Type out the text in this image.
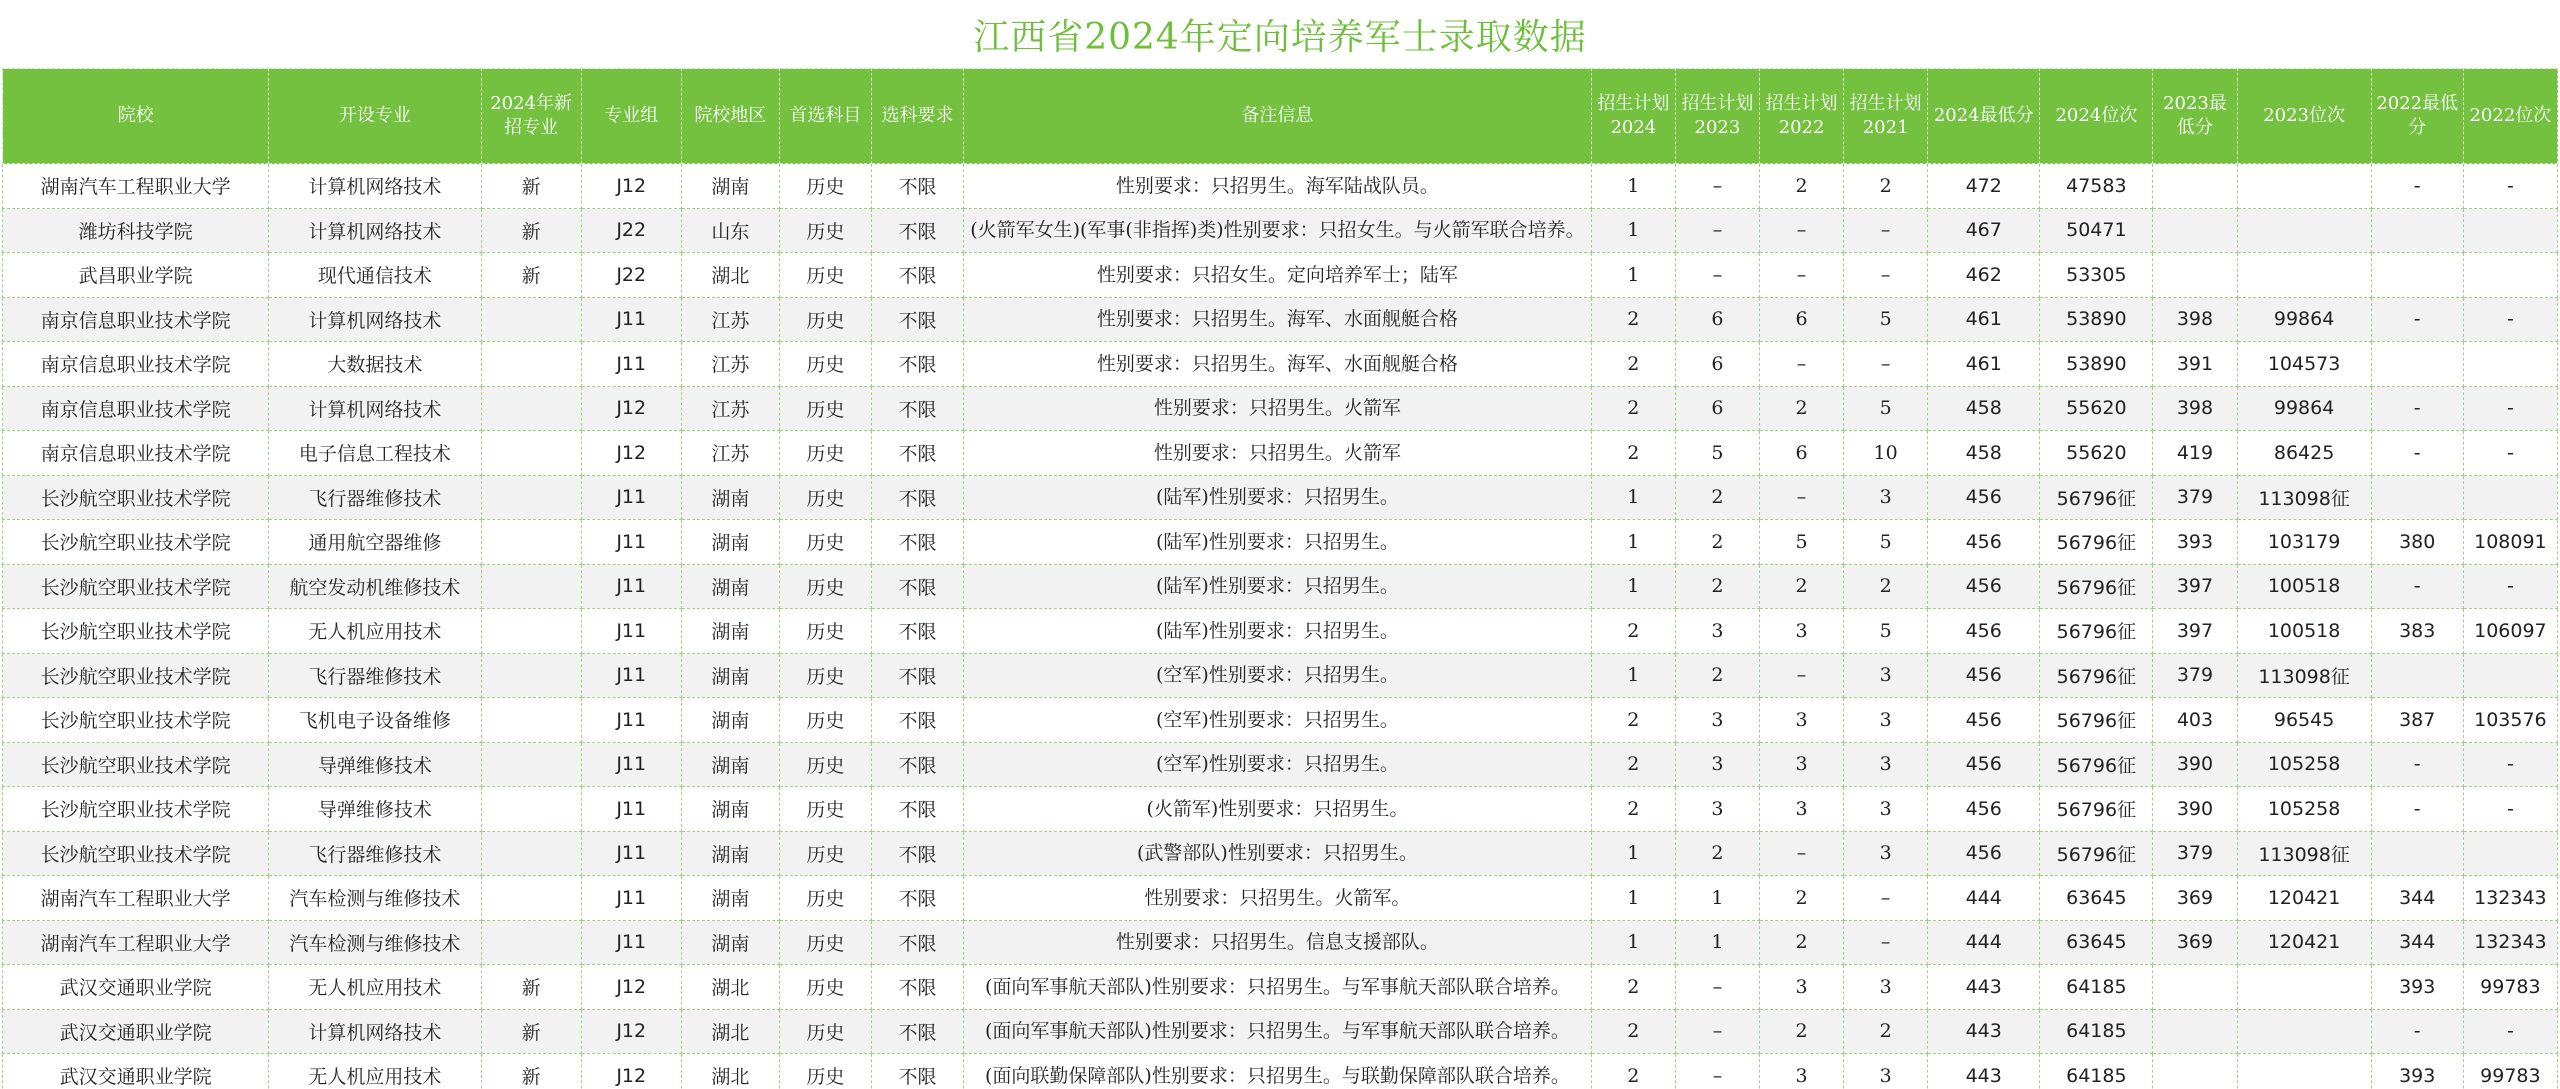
江西省2024年定向培养军士录取数据
院校	开设专业	2024年新招专业	专业组	院校地区	首选科目	选科要求	备注信息	招生计划2024	招生计划2023	招生计划2022	招生计划2021	2024最低分	2024位次	2023最低分	2023位次	2022最低分	2022位次
湖南汽车工程职业大学	计算机网络技术	新	J12	湖南	历史	不限	性别要求：只招男生。海军陆战队员。	1	–	2	2	472	47583			-	-
潍坊科技学院	计算机网络技术	新	J22	山东	历史	不限	(火箭军女生)(军事(非指挥)类)性别要求：只招女生。与火箭军联合培养。	1	–	–	–	467	50471				
武昌职业学院	现代通信技术	新	J22	湖北	历史	不限	性别要求：只招女生。定向培养军士；陆军	1	–	–	–	462	53305				
南京信息职业技术学院	计算机网络技术		J11	江苏	历史	不限	性别要求：只招男生。海军、水面舰艇合格	2	6	6	5	461	53890	398	99864	-	-
南京信息职业技术学院	大数据技术		J11	江苏	历史	不限	性别要求：只招男生。海军、水面舰艇合格	2	6	–	–	461	53890	391	104573		
南京信息职业技术学院	计算机网络技术		J12	江苏	历史	不限	性别要求：只招男生。火箭军	2	6	2	5	458	55620	398	99864	-	-
南京信息职业技术学院	电子信息工程技术		J12	江苏	历史	不限	性别要求：只招男生。火箭军	2	5	6	10	458	55620	419	86425	-	-
长沙航空职业技术学院	飞行器维修技术		J11	湖南	历史	不限	(陆军)性别要求：只招男生。	1	2	–	3	456	56796征	379	113098征		
长沙航空职业技术学院	通用航空器维修		J11	湖南	历史	不限	(陆军)性别要求：只招男生。	1	2	5	5	456	56796征	393	103179	380	108091
长沙航空职业技术学院	航空发动机维修技术		J11	湖南	历史	不限	(陆军)性别要求：只招男生。	1	2	2	2	456	56796征	397	100518	-	-
长沙航空职业技术学院	无人机应用技术		J11	湖南	历史	不限	(陆军)性别要求：只招男生。	2	3	3	5	456	56796征	397	100518	383	106097
长沙航空职业技术学院	飞行器维修技术		J11	湖南	历史	不限	(空军)性别要求：只招男生。	1	2	–	3	456	56796征	379	113098征		
长沙航空职业技术学院	飞机电子设备维修		J11	湖南	历史	不限	(空军)性别要求：只招男生。	2	3	3	3	456	56796征	403	96545	387	103576
长沙航空职业技术学院	导弹维修技术		J11	湖南	历史	不限	(空军)性别要求：只招男生。	2	3	3	3	456	56796征	390	105258	-	-
长沙航空职业技术学院	导弹维修技术		J11	湖南	历史	不限	(火箭军)性别要求：只招男生。	2	3	3	3	456	56796征	390	105258	-	-
长沙航空职业技术学院	飞行器维修技术		J11	湖南	历史	不限	(武警部队)性别要求：只招男生。	1	2	–	3	456	56796征	379	113098征		
湖南汽车工程职业大学	汽车检测与维修技术		J11	湖南	历史	不限	性别要求：只招男生。火箭军。	1	1	2	–	444	63645	369	120421	344	132343
湖南汽车工程职业大学	汽车检测与维修技术		J11	湖南	历史	不限	性别要求：只招男生。信息支援部队。	1	1	2	–	444	63645	369	120421	344	132343
武汉交通职业学院	无人机应用技术	新	J12	湖北	历史	不限	(面向军事航天部队)性别要求：只招男生。与军事航天部队联合培养。	2	–	3	3	443	64185			393	99783
武汉交通职业学院	计算机网络技术	新	J12	湖北	历史	不限	(面向军事航天部队)性别要求：只招男生。与军事航天部队联合培养。	2	–	2	2	443	64185			-	-
武汉交通职业学院	无人机应用技术	新	J12	湖北	历史	不限	(面向联勤保障部队)性别要求：只招男生。与联勤保障部队联合培养。	2	–	3	3	443	64185			393	99783
